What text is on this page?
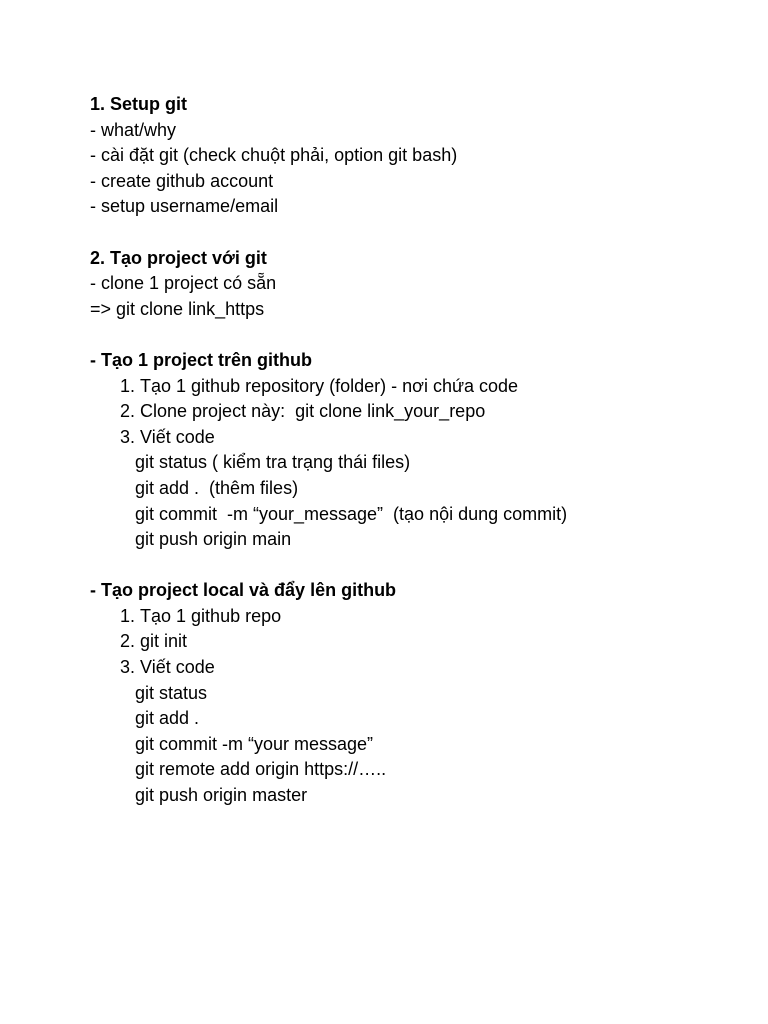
1. Setup git
- what/why
- cài đặt git (check chuột phải, option git bash)
- create github account
- setup username/email
2. Tạo project với git
- clone 1 project có sẵn
=> git clone link_https
- Tạo 1 project trên github
1. Tạo 1 github repository (folder) - nơi chứa code
2. Clone project này:  git clone link_your_repo
3. Viết code
git status ( kiểm tra trạng thái files)
git add .  (thêm files)
git commit  -m “your_message”  (tạo nội dung commit)
git push origin main
- Tạo project local và đẩy lên github
1. Tạo 1 github repo
2. git init
3. Viết code
git status
git add .
git commit -m “your message”
git remote add origin https://…..
git push origin master
